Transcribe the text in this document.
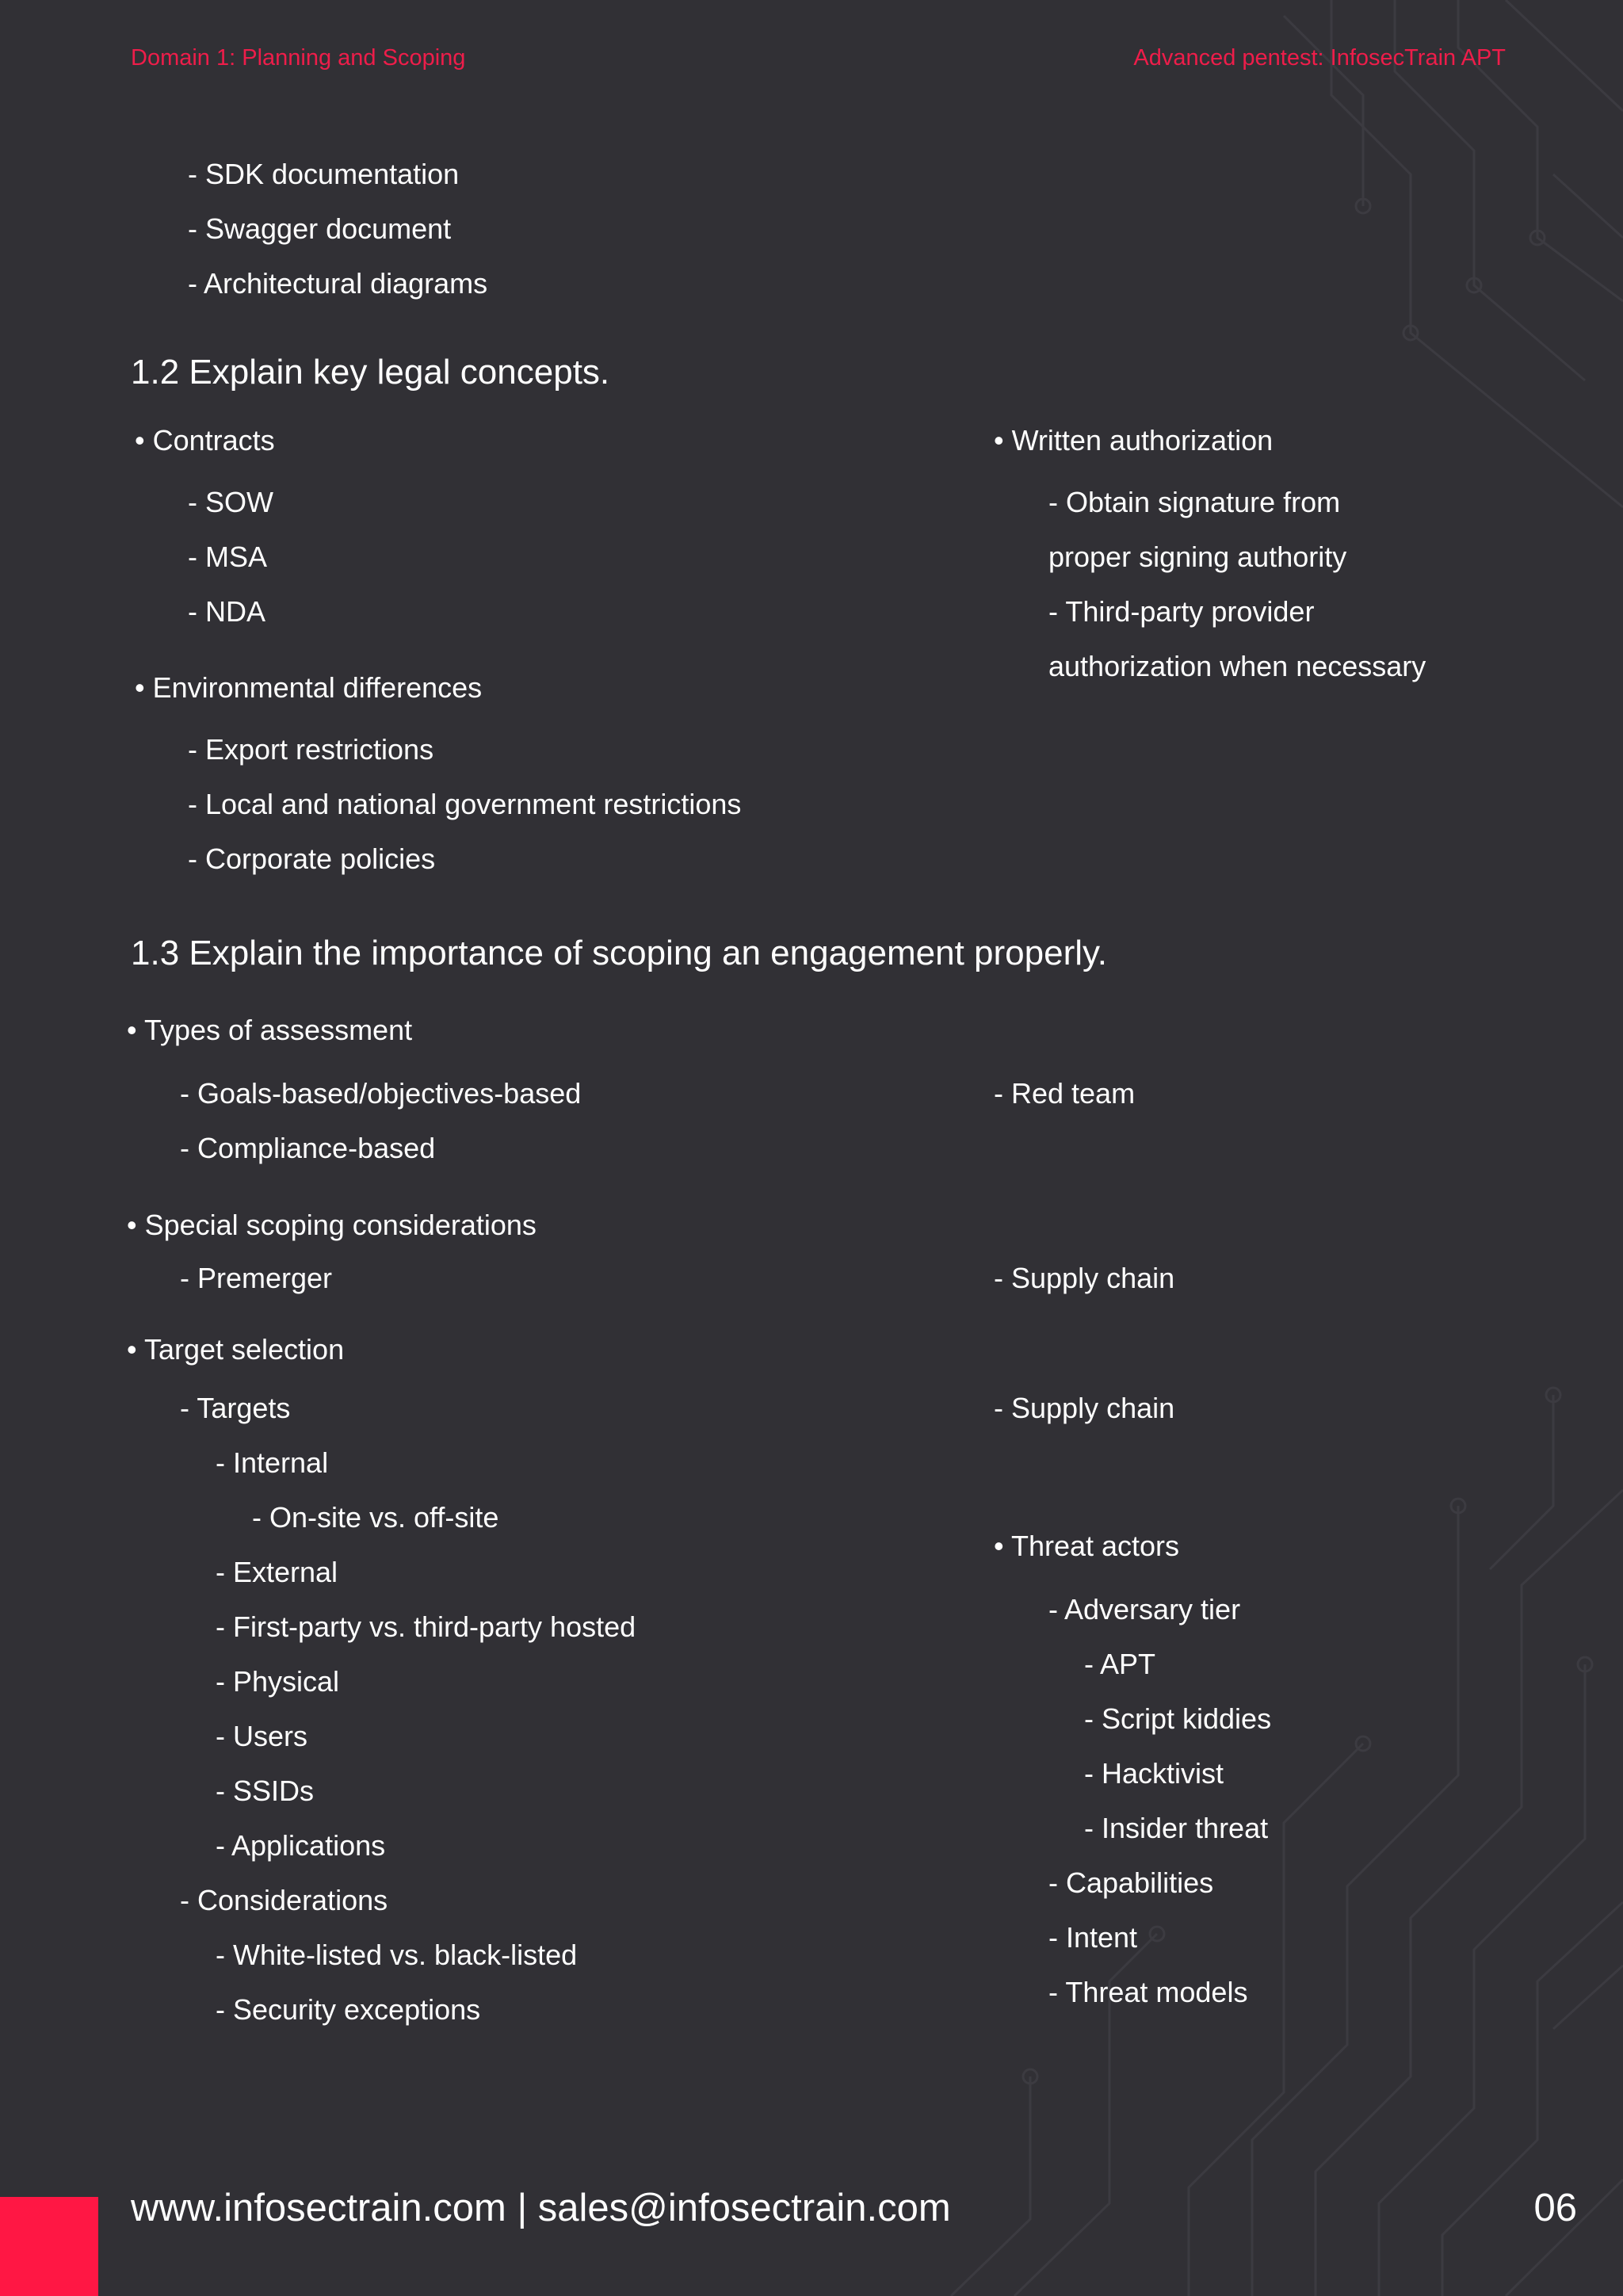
Domain 1: Planning and Scoping	Advanced pentest: InfosecTrain APT
- SDK documentation
- Swagger document
- Architectural diagrams
1.2 Explain key legal concepts.
• Contracts
- SOW
- MSA
- NDA
• Environmental differences
- Export restrictions
- Local and national government restrictions
- Corporate policies
• Written authorization
- Obtain signature from
proper signing authority
- Third-party provider
authorization when necessary
1.3 Explain the importance of scoping an engagement properly.
• Types of assessment
- Goals-based/objectives-based
- Compliance-based
- Red team
• Special scoping considerations
- Premerger	- Supply chain
• Target selection
- Targets	- Supply chain
- Internal
- On-site vs. off-site
- External
- First-party vs. third-party hosted
- Physical
- Users
- SSIDs
- Applications
- Considerations
- White-listed vs. black-listed
- Security exceptions
• Threat actors
- Adversary tier
- APT
- Script kiddies
- Hacktivist
- Insider threat
- Capabilities
- Intent
- Threat models
www.infosectrain.com | sales@infosectrain.com	06
